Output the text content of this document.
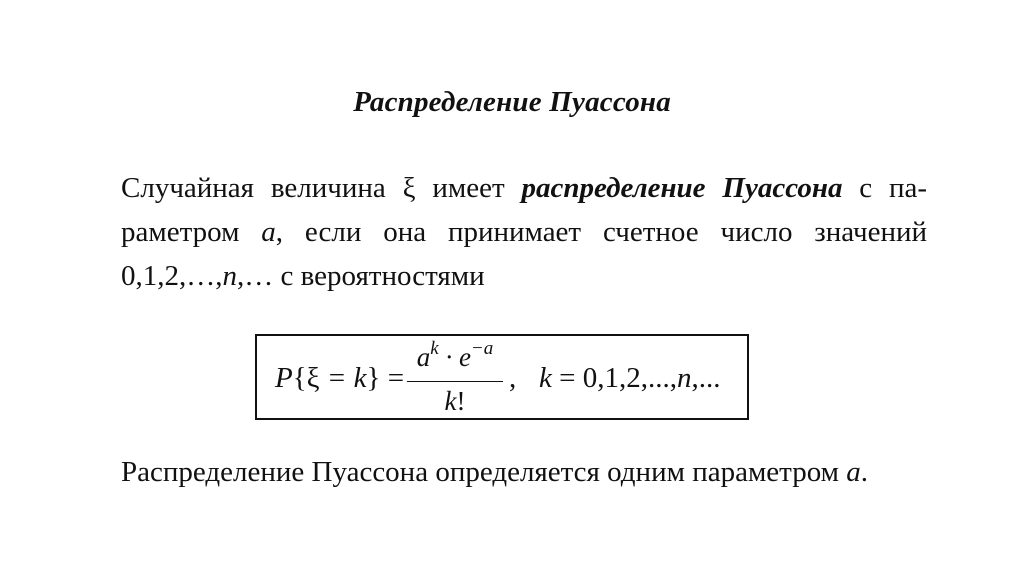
Распределение Пуассона
Случайная величина ξ имеет распределение Пуассона с па-
раметром a, если она принимает счетное число значений
0,1,2,…,n,… с вероятностями
P{ξ = k} =
$a^k \cdot e^{-a}$
k!
, k = 0,1,2,...,n,...
Распределение Пуассона определяется одним параметром a.
